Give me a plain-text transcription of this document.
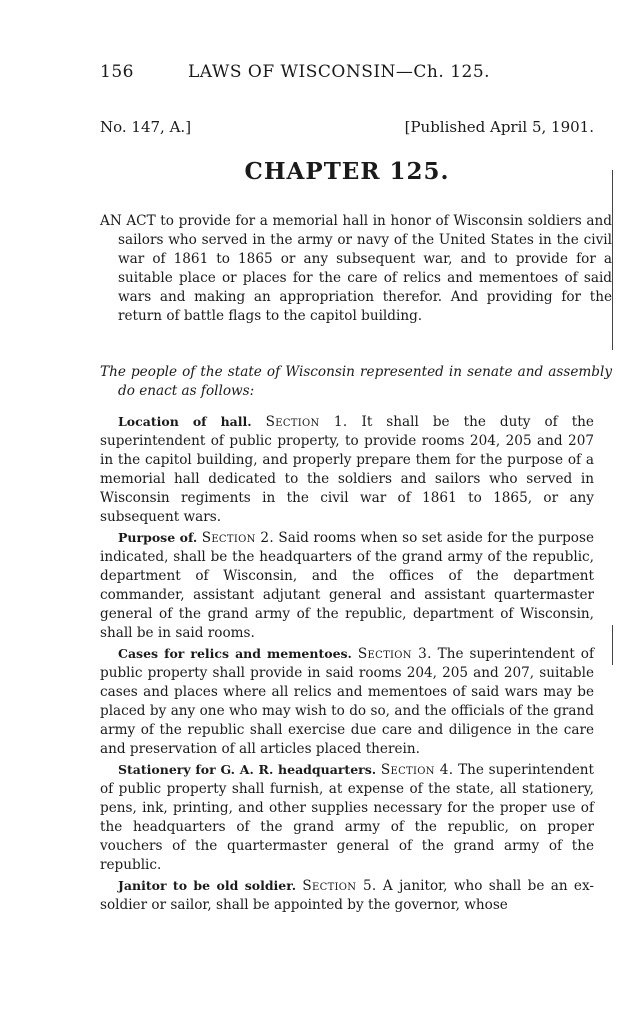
156	LAWS OF WISCONSIN—Ch. 125.
No. 147, A.]	[Published April 5, 1901.
CHAPTER 125.
AN ACT to provide for a memorial hall in honor of Wisconsin soldiers and sailors who served in the army or navy of the United States in the civil war of 1861 to 1865 or any subsequent war, and to provide for a suitable place or places for the care of relics and mementoes of said wars and making an appropriation therefor. And providing for the return of battle flags to the capitol building.
The people of the state of Wisconsin represented in senate and assembly do enact as follows:

Location of hall. Section 1. It shall be the duty of the superintendent of public property, to provide rooms 204, 205 and 207 in the capitol building, and properly prepare them for the purpose of a memorial hall dedicated to the soldiers and sailors who served in Wisconsin regiments in the civil war of 1861 to 1865, or any subsequent wars.

Purpose of. Section 2. Said rooms when so set aside for the purpose indicated, shall be the headquarters of the grand army of the republic, department of Wisconsin, and the offices of the department commander, assistant adjutant general and assistant quartermaster general of the grand army of the republic, department of Wisconsin, shall be in said rooms.

Cases for relics and mementoes. Section 3. The superintendent of public property shall provide in said rooms 204, 205 and 207, suitable cases and places where all relics and mementoes of said wars may be placed by any one who may wish to do so, and the officials of the grand army of the republic shall exercise due care and diligence in the care and preservation of all articles placed therein.

Stationery for G. A. R. headquarters. Section 4. The superintendent of public property shall furnish, at expense of the state, all stationery, pens, ink, printing, and other supplies necessary for the proper use of the headquarters of the grand army of the republic, on proper vouchers of the quartermaster general of the grand army of the republic.

Janitor to be old soldier. Section 5. A janitor, who shall be an ex-soldier or sailor, shall be appointed by the governor, whose
